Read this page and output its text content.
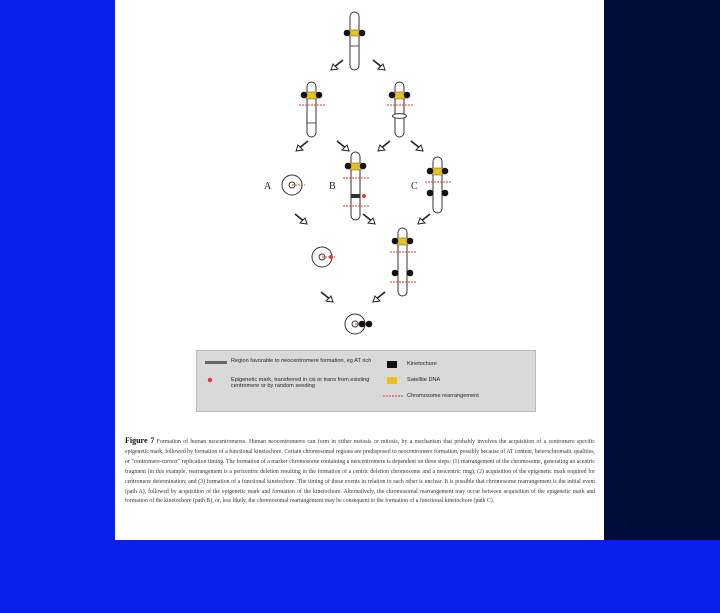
A	B	C
Region favorable to neocentromere formation, eg AT rich
Epigenetic mark, transferred in cis or trans from existing centromere or by random seeding
Kinetochore
Satellite DNA
Chromosome rearrangement
Figure 7 Formation of human neocentromeres. Human neocentromeres can form in either meiosis or mitosis, by a mechanism that probably involves the acquisition of a centromere specific epigenetic mark, followed by formation of a functional kinetochore. Certain chromosomal regions are predisposed to neocentromere formation, possibly because of AT content, heterochromatic qualities, or "centromere-correct" replication timing. The formation of a marker chromosome containing a neocentromere is dependent on three steps: (1) rearrangement of the chromosome, generating an acentric fragment (in this example, rearrangement is a pericentric deletion resulting in the formation of a centric deletion chromosome and a neocentric ring); (2) acquisition of the epigenetic mark required for centromere determination; and (3) formation of a functional kinetochore. The timing of these events in relation to each other is unclear. It is possible that chromosome rearrangement is the initial event (path A), followed by acquisition of the epigenetic mark and formation of the kinetochore. Alternatively, the chromosomal rearrangement may occur between acquisition of the epigenetic mark and formation of the kinetochore (path B), or, less likely, the chromosomal rearrangement may be consequent to the formation of a functional kinetochore (path C).
